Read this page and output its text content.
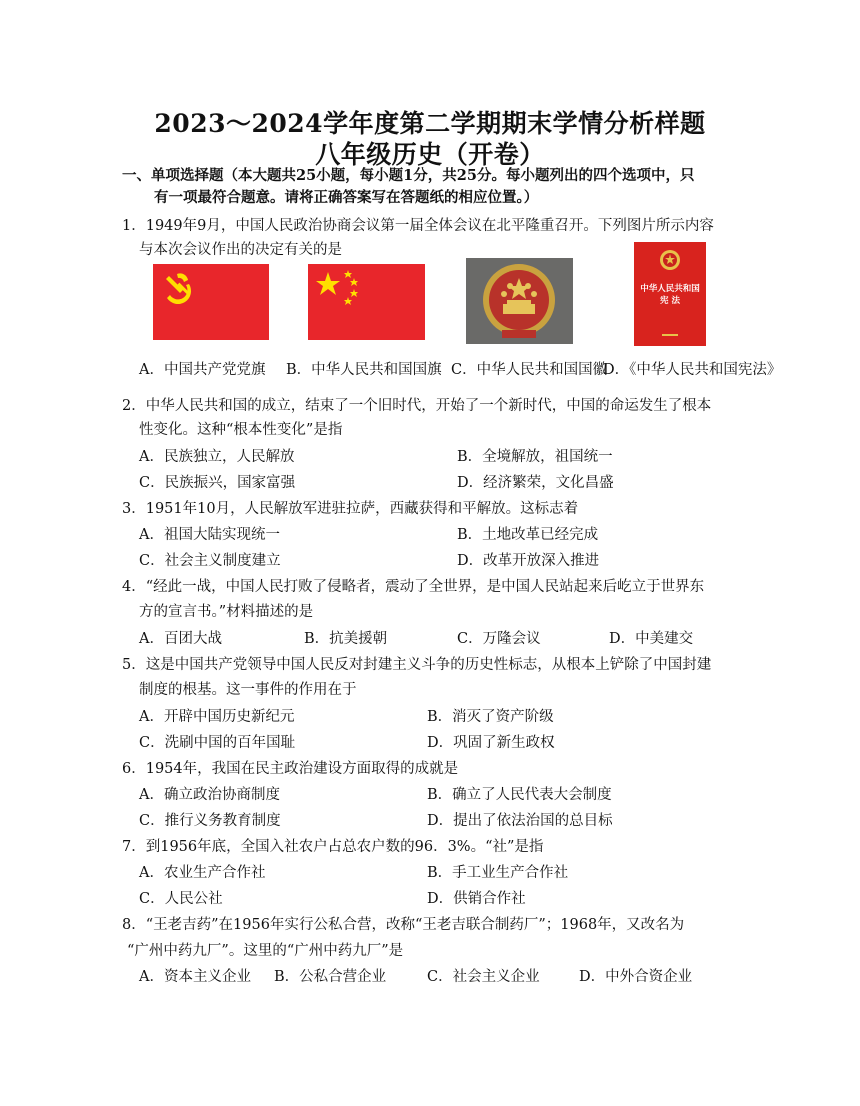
2023～2024学年度第二学期期末学情分析样题
八年级历史（开卷）
一、单项选择题（本大题共25小题，每小题1分，共25分。每小题列出的四个选项中，只
有一项最符合题意。请将正确答案写在答题纸的相应位置。）
1．1949年9月，中国人民政治协商会议第一届全体会议在北平隆重召开。下列图片所示内容
与本次会议作出的决定有关的是
中华人民共和国
宪 法
A．中国共产党党旗 B．中华人民共和国国旗 C．中华人民共和国国徽
D．《中华人民共和国宪法》
2．中华人民共和国的成立，结束了一个旧时代，开始了一个新时代，中国的命运发生了根本
性变化。这种“根本性变化”是指
A．民族独立，人民解放	B．全境解放，祖国统一
C．民族振兴，国家富强	D．经济繁荣，文化昌盛
3．1951年10月，人民解放军进驻拉萨，西藏获得和平解放。这标志着
A．祖国大陆实现统一	B．土地改革已经完成
C．社会主义制度建立	D．改革开放深入推进
4．“经此一战，中国人民打败了侵略者，震动了全世界，是中国人民站起来后屹立于世界东
方的宣言书。”材料描述的是
A．百团大战	B．抗美援朝	C．万隆会议	D．中美建交
5．这是中国共产党领导中国人民反对封建主义斗争的历史性标志，从根本上铲除了中国封建
制度的根基。这一事件的作用在于
A．开辟中国历史新纪元	B．消灭了资产阶级
C．洗刷中国的百年国耻	D．巩固了新生政权
6．1954年，我国在民主政治建设方面取得的成就是
A．确立政治协商制度	B．确立了人民代表大会制度
C．推行义务教育制度	D．提出了依法治国的总目标
7．到1956年底，全国入社农户占总农户数的96．3%。“社”是指
A．农业生产合作社	B．手工业生产合作社
C．人民公社	D．供销合作社
8．“王老吉药”在1956年实行公私合营，改称“王老吉联合制药厂”；1968年，又改名为
“广州中药九厂”。这里的“广州中药九厂”是
A．资本主义企业 B．公私合营企业	C．社会主义企业	D．中外合资企业
